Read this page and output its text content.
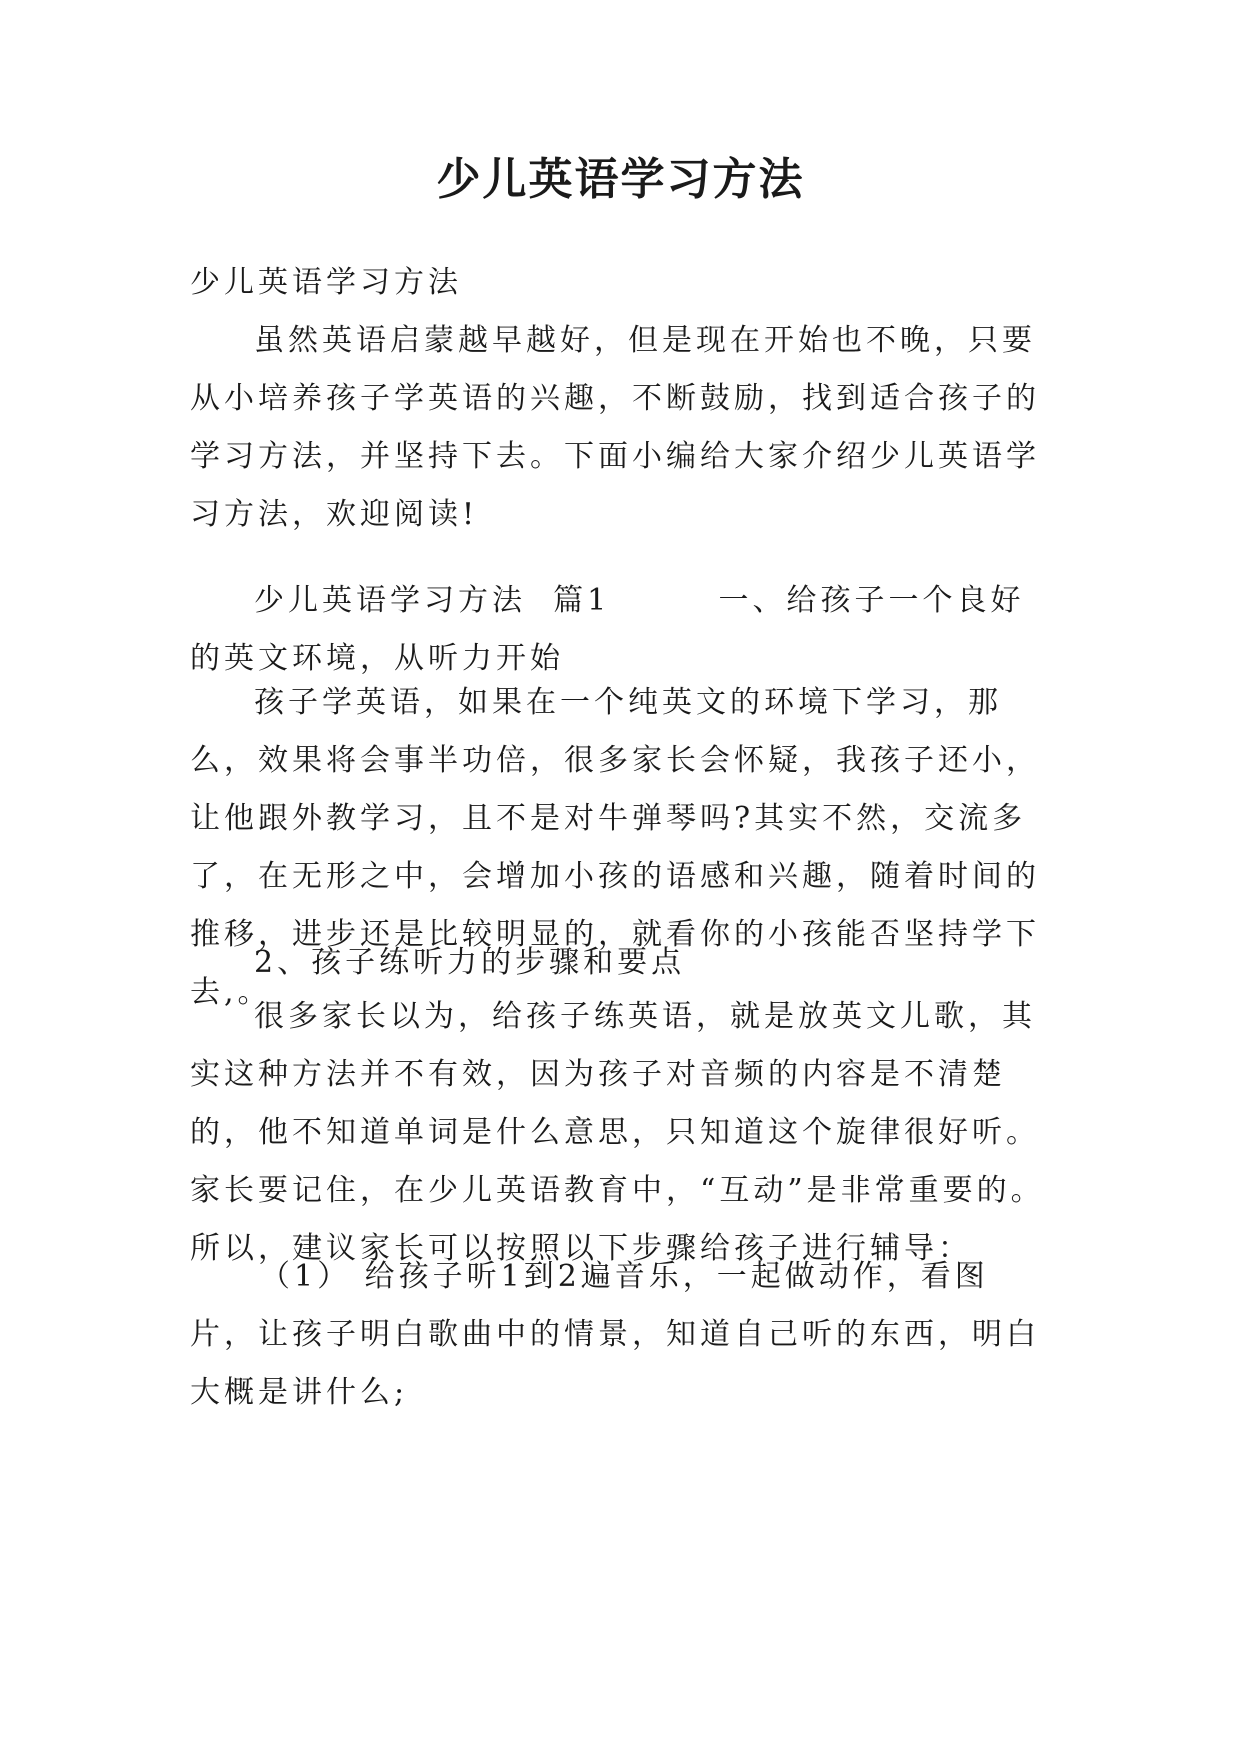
少儿英语学习方法

少儿英语学习方法

虽然英语启蒙越早越好，但是现在开始也不晚，只要从小培养孩子学英语的兴趣，不断鼓励，找到适合孩子的学习方法，并坚持下去。下面小编给大家介绍少儿英语学习方法，欢迎阅读!

少儿英语学习方法  篇1        一、给孩子一个良好的英文环境，从听力开始

孩子学英语，如果在一个纯英文的环境下学习，那么，效果将会事半功倍，很多家长会怀疑，我孩子还小，让他跟外教学习，且不是对牛弹琴吗?其实不然，交流多了，在无形之中，会增加小孩的语感和兴趣，随着时间的推移，进步还是比较明显的，就看你的小孩能否坚持学下去,。

2、孩子练听力的步骤和要点

很多家长以为，给孩子练英语，就是放英文儿歌，其实这种方法并不有效，因为孩子对音频的内容是不清楚的，他不知道单词是什么意思，只知道这个旋律很好听。家长要记住，在少儿英语教育中，“互动”是非常重要的。所以，建议家长可以按照以下步骤给孩子进行辅导：

（1） 给孩子听1到2遍音乐，一起做动作，看图片，让孩子明白歌曲中的情景，知道自己听的东西，明白大概是讲什么;
